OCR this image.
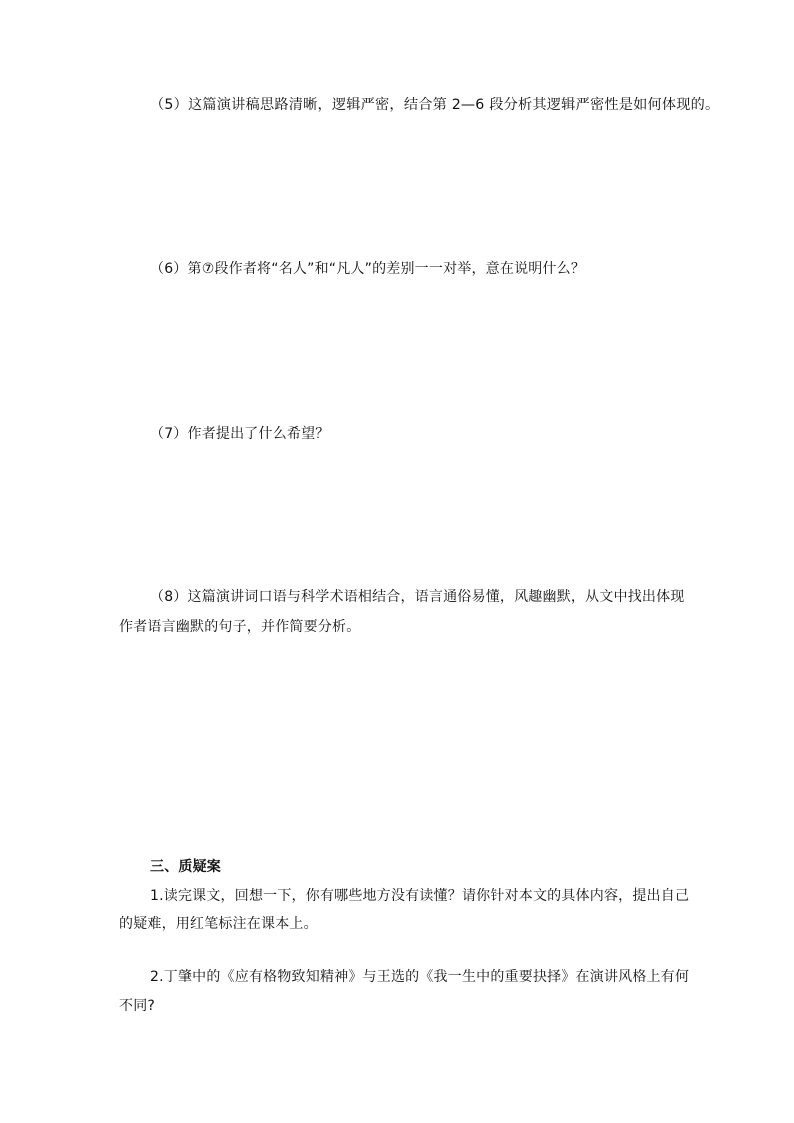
（5）这篇演讲稿思路清晰，逻辑严密，结合第 2—6 段分析其逻辑严密性是如何体现的。
（6）第⑦段作者将“名人”和“凡人”的差别一一对举，意在说明什么？
（7）作者提出了什么希望？
（8）这篇演讲词口语与科学术语相结合，语言通俗易懂，风趣幽默，从文中找出体现
作者语言幽默的句子，并作简要分析。
三、质疑案
1.读完课文，回想一下，你有哪些地方没有读懂？请你针对本文的具体内容，提出自己
的疑难，用红笔标注在课本上。
2.丁肇中的《应有格物致知精神》与王选的《我一生中的重要抉择》在演讲风格上有何
不同?
